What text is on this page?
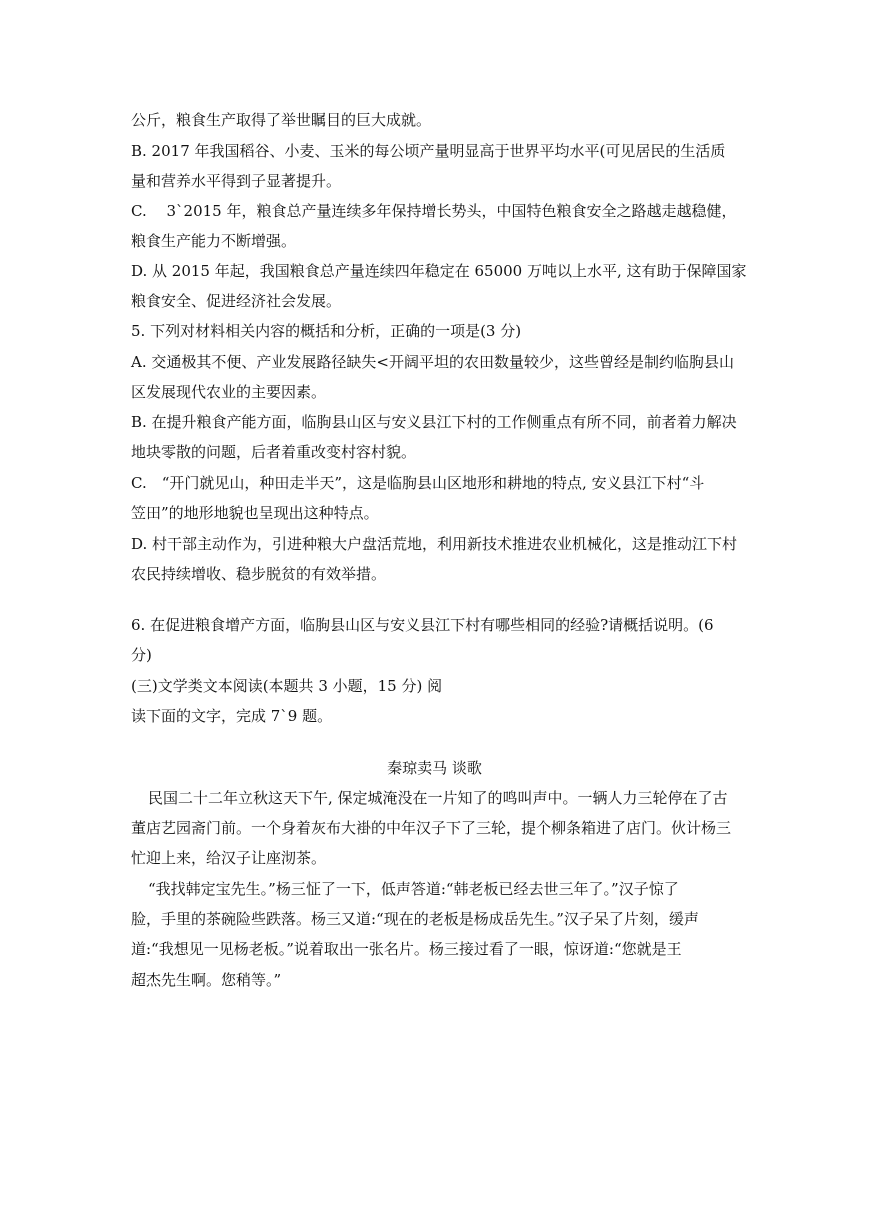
公斤，粮食生产取得了举世瞩目的巨大成就。
B. 2017 年我国稻谷、小麦、玉米的每公顷产量明显高于世界平均水平(可见居民的生活质
量和营养水平得到子显著提升。
C.　 3`2015 年，粮食总产量连续多年保持增长势头，中国特色粮食安全之路越走越稳健，
粮食生产能力不断增强。
D. 从 2015 年起，我国粮食总产量连续四年稳定在 65000 万吨以上水平, 这有助于保障国家
粮食安全、促进经济社会发展。
5. 下列对材料相关内容的概括和分析，正确的一项是(3 分)
A. 交通极其不便、产业发展路径缺失<开阔平坦的农田数量较少，这些曾经是制约临朐县山
区发展现代农业的主要因素。
B. 在提升粮食产能方面，临朐县山区与安义县江下村的工作侧重点有所不同，前者着力解决
地块零散的问题，后者着重改变村容村貌。
C.　“开门就见山，种田走半天”，这是临朐县山区地形和耕地的特点, 安义县江下村“斗
笠田”的地形地貌也呈现出这种特点。
D. 村干部主动作为，引进种粮大户盘活荒地，利用新技术推进农业机械化，这是推动江下村
农民持续增收、稳步脱贫的有效举措。
6. 在促进粮食增产方面，临朐县山区与安义县江下村有哪些相同的经验?请概括说明。(6
分)
(三)文学类文本阅读(本题共 3 小题，15 分) 阅
读下面的文字，完成 7`9 题。
秦琼卖马 谈歌
民国二十二年立秋这天下午, 保定城淹没在一片知了的鸣叫声中。一辆人力三轮停在了古
董店艺园斋门前。一个身着灰布大褂的中年汉子下了三轮，提个柳条箱进了店门。伙计杨三
忙迎上来，给汉子让座沏茶。
“我找韩定宝先生。”杨三怔了一下，低声答道:“韩老板已经去世三年了。”汉子惊了
脸，手里的茶碗险些跌落。杨三又道:“现在的老板是杨成岳先生。”汉子呆了片刻，缓声
道:“我想见一见杨老板。”说着取出一张名片。杨三接过看了一眼，惊讶道:“您就是王
超杰先生啊。您稍等。”
